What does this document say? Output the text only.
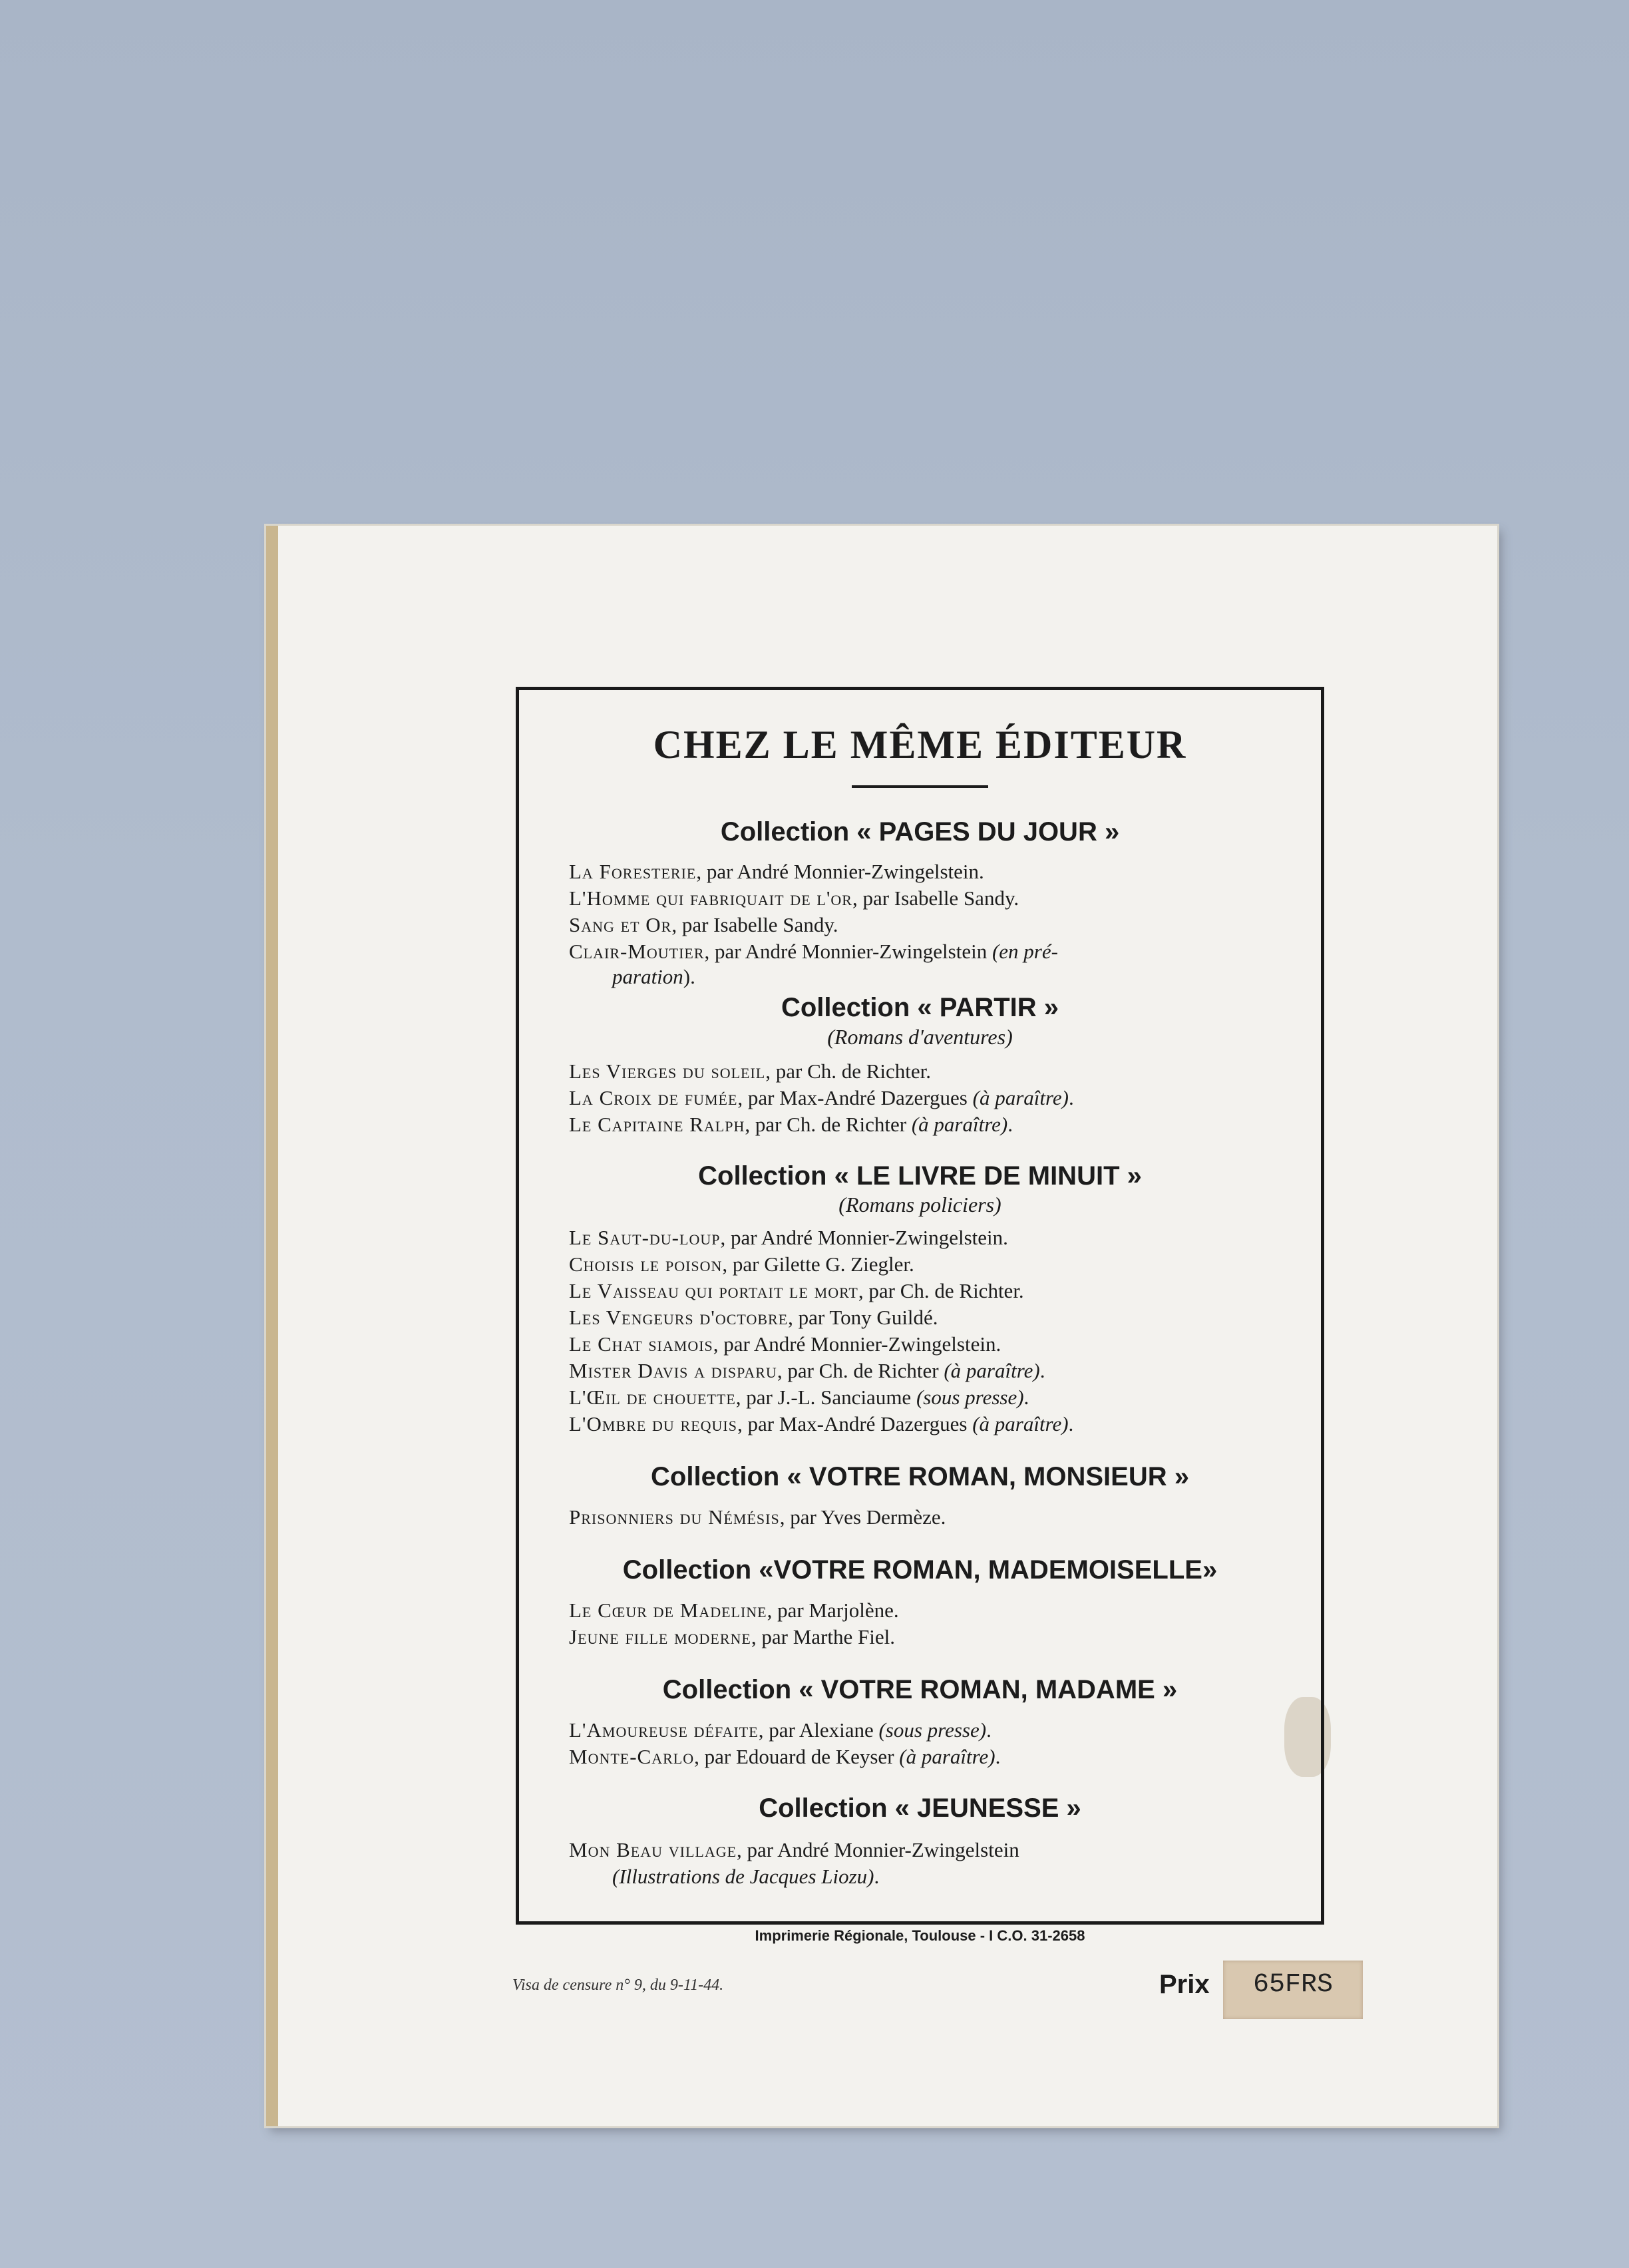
CHEZ LE MÊME ÉDITEUR
Collection « PAGES DU JOUR »
La Foresterie, par André Monnier-Zwingelstein.
L'Homme qui fabriquait de l'or, par Isabelle Sandy.
Sang et Or, par Isabelle Sandy.
Clair-Moutier, par André Monnier-Zwingelstein (en pré-
paration).
Collection « PARTIR »
(Romans d'aventures)
Les Vierges du soleil, par Ch. de Richter.
La Croix de fumée, par Max-André Dazergues (à paraître).
Le Capitaine Ralph, par Ch. de Richter (à paraître).
Collection « LE LIVRE DE MINUIT »
(Romans policiers)
Le Saut-du-loup, par André Monnier-Zwingelstein.
Choisis le poison, par Gilette G. Ziegler.
Le Vaisseau qui portait le mort, par Ch. de Richter.
Les Vengeurs d'octobre, par Tony Guildé.
Le Chat siamois, par André Monnier-Zwingelstein.
Mister Davis a disparu, par Ch. de Richter (à paraître).
L'Œil de chouette, par J.-L. Sanciaume (sous presse).
L'Ombre du requis, par Max-André Dazergues (à paraître).
Collection « VOTRE ROMAN, MONSIEUR »
Prisonniers du Némésis, par Yves Dermèze.
Collection «VOTRE ROMAN, MADEMOISELLE»
Le Cœur de Madeline, par Marjolène.
Jeune fille moderne, par Marthe Fiel.
Collection « VOTRE ROMAN, MADAME »
L'Amoureuse défaite, par Alexiane (sous presse).
Monte-Carlo, par Edouard de Keyser (à paraître).
Collection « JEUNESSE »
Mon Beau village, par André Monnier-Zwingelstein
(Illustrations de Jacques Liozu).
Imprimerie Régionale, Toulouse - I C.O. 31-2658
Visa de censure n° 9, du 9-11-44.	Prix	65FRS
